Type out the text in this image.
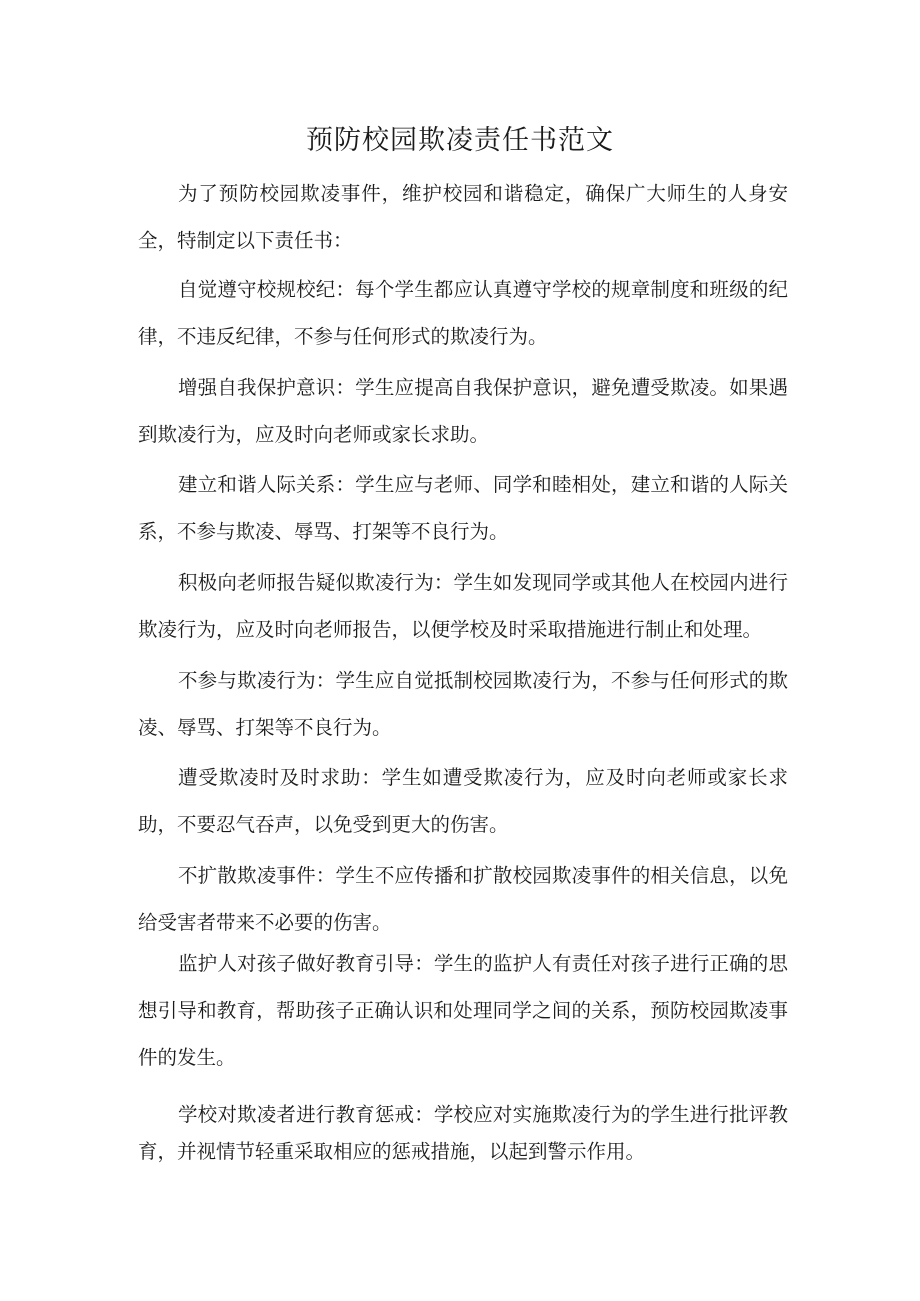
预防校园欺凌责任书范文

为了预防校园欺凌事件，维护校园和谐稳定，确保广大师生的人身安全，特制定以下责任书：

自觉遵守校规校纪：每个学生都应认真遵守学校的规章制度和班级的纪律，不违反纪律，不参与任何形式的欺凌行为。

增强自我保护意识：学生应提高自我保护意识，避免遭受欺凌。如果遇到欺凌行为，应及时向老师或家长求助。

建立和谐人际关系：学生应与老师、同学和睦相处，建立和谐的人际关系，不参与欺凌、辱骂、打架等不良行为。

积极向老师报告疑似欺凌行为：学生如发现同学或其他人在校园内进行欺凌行为，应及时向老师报告，以便学校及时采取措施进行制止和处理。

不参与欺凌行为：学生应自觉抵制校园欺凌行为，不参与任何形式的欺凌、辱骂、打架等不良行为。

遭受欺凌时及时求助：学生如遭受欺凌行为，应及时向老师或家长求助，不要忍气吞声，以免受到更大的伤害。

不扩散欺凌事件：学生不应传播和扩散校园欺凌事件的相关信息，以免给受害者带来不必要的伤害。

监护人对孩子做好教育引导：学生的监护人有责任对孩子进行正确的思想引导和教育，帮助孩子正确认识和处理同学之间的关系，预防校园欺凌事件的发生。

学校对欺凌者进行教育惩戒：学校应对实施欺凌行为的学生进行批评教育，并视情节轻重采取相应的惩戒措施，以起到警示作用。
